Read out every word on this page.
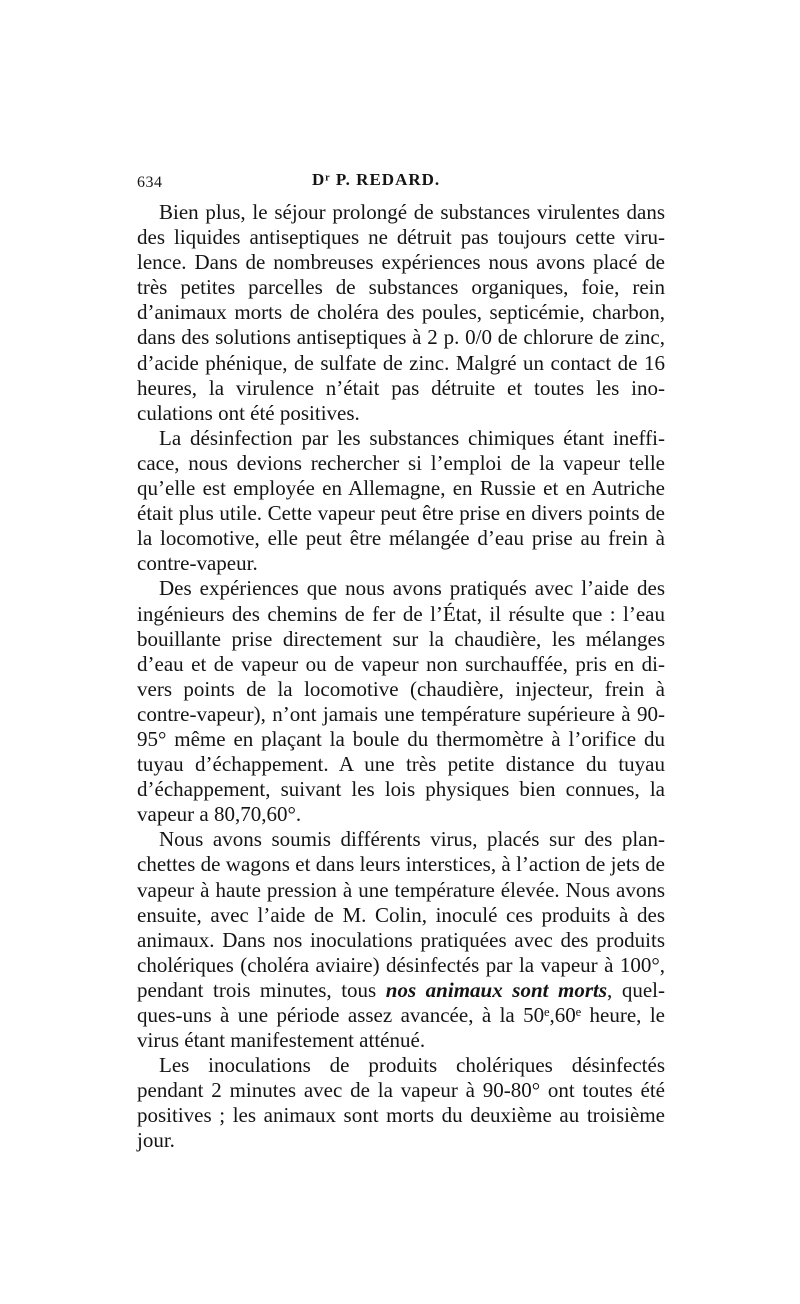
634	Dʳ P. REDARD.

Bien plus, le séjour prolongé de substances virulentes dans des liquides antiseptiques ne détruit pas toujours cette virulence. Dans de nombreuses expériences nous avons placé de très petites parcelles de substances organiques, foie, rein d’animaux morts de choléra des poules, septicémie, charbon, dans des solutions antiseptiques à 2 p. 0/0 de chlorure de zinc, d’acide phénique, de sulfate de zinc. Malgré un contact de 16 heures, la virulence n’était pas détruite et toutes les inoculations ont été positives.

La désinfection par les substances chimiques étant inefficace, nous devions rechercher si l’emploi de la vapeur telle qu’elle est employée en Allemagne, en Russie et en Autriche était plus utile. Cette vapeur peut être prise en divers points de la locomotive, elle peut être mélangée d’eau prise au frein à contre-vapeur.

Des expériences que nous avons pratiqués avec l’aide des ingénieurs des chemins de fer de l’État, il résulte que : l’eau bouillante prise directement sur la chaudière, les mélanges d’eau et de vapeur ou de vapeur non surchauffée, pris en divers points de la locomotive (chaudière, injecteur, frein à contre-vapeur), n’ont jamais une température supérieure à 90-95° même en plaçant la boule du thermomètre à l’orifice du tuyau d’échappement. A une très petite distance du tuyau d’échappement, suivant les lois physiques bien connues, la vapeur a 80,70,60°.

Nous avons soumis différents virus, placés sur des planchettes de wagons et dans leurs interstices, à l’action de jets de vapeur à haute pression à une température élevée. Nous avons ensuite, avec l’aide de M. Colin, inoculé ces produits à des animaux. Dans nos inoculations pratiquées avec des produits cholériques (choléra aviaire) désinfectés par la vapeur à 100°, pendant trois minutes, tous nos animaux sont morts, quelques-uns à une période assez avancée, à la 50ᵉ,60ᵉ heure, le virus étant manifestement atténué.

Les inoculations de produits cholériques désinfectés pendant 2 minutes avec de la vapeur à 90-80° ont toutes été positives ; les animaux sont morts du deuxième au troisième jour.
